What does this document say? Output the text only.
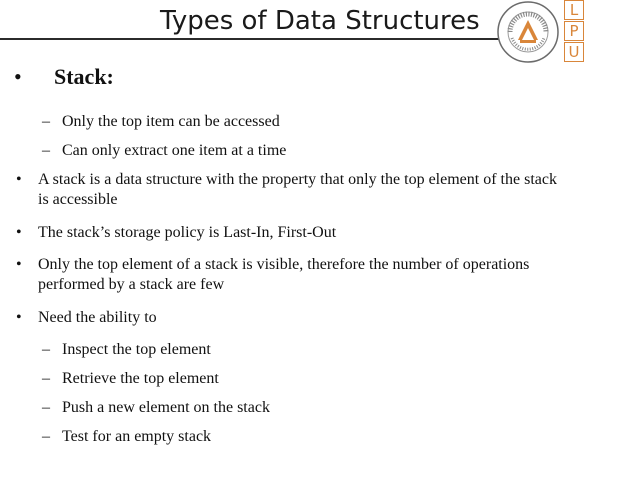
Types of Data Structures	L
P
U
• Stack:
– Only the top item can be accessed
– Can only extract one item at a time
• A stack is a data structure with the property that only the top element of the stack
is accessible
• The stack’s storage policy is Last-In, First-Out
• Only the top element of a stack is visible, therefore the number of operations
performed by a stack are few
• Need the ability to
– Inspect the top element
– Retrieve the top element
– Push a new element on the stack
– Test for an empty stack
